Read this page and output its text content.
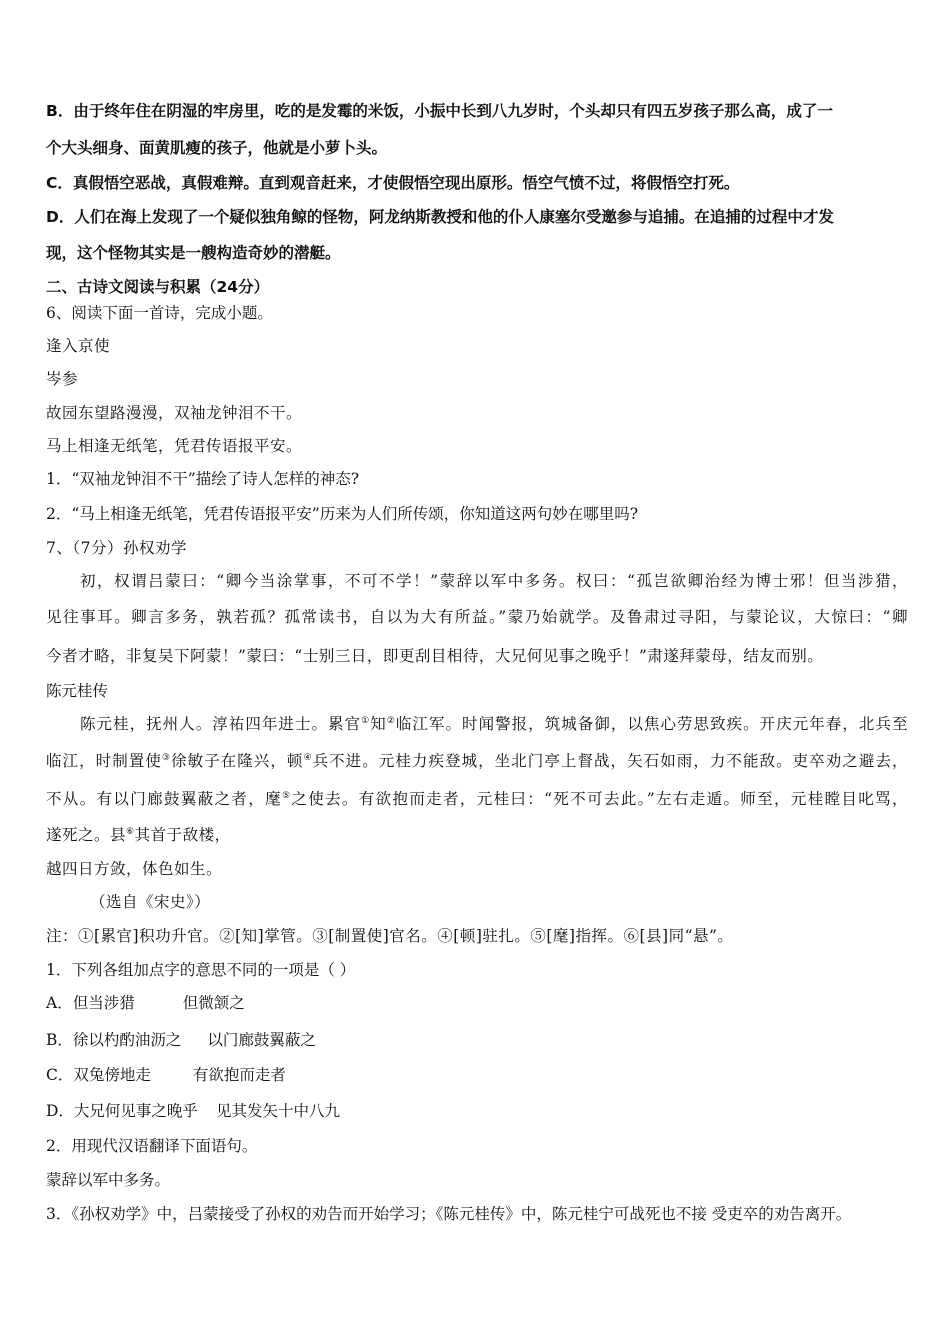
B．由于终年住在阴湿的牢房里，吃的是发霉的米饭，小振中长到八九岁时，个头却只有四五岁孩子那么高，成了一
个大头细身、面黄肌瘦的孩子，他就是小萝卜头。
C．真假悟空恶战，真假难辩。直到观音赶来，才使假悟空现出原形。悟空气愤不过，将假悟空打死。
D．人们在海上发现了一个疑似独角鲸的怪物，阿龙纳斯教授和他的仆人康塞尔受邀参与追捕。在追捕的过程中才发
现，这个怪物其实是一艘构造奇妙的潜艇。
二、古诗文阅读与积累（24分）
6、阅读下面一首诗，完成小题。
逢入京使
岑参
故园东望路漫漫，双袖龙钟泪不干。
马上相逢无纸笔，凭君传语报平安。
1．“双袖龙钟泪不干”描绘了诗人怎样的神态?
2．“马上相逢无纸笔，凭君传语报平安”历来为人们所传颂，你知道这两句妙在哪里吗?
7、（7分）孙权劝学
初，权谓吕蒙曰：“卿今当涂掌事，不可不学！”蒙辞以军中多务。权曰：“孤岂欲卿治经为博士邪！但当涉猎，
见往事耳。卿言多务，孰若孤？孤常读书，自以为大有所益。”蒙乃始就学。及鲁肃过寻阳，与蒙论议，大惊曰：“卿
今者才略，非复吴下阿蒙！”蒙曰：“士别三日，即更刮目相待，大兄何见事之晚乎！”肃遂拜蒙母，结友而别。
陈元桂传
陈元桂，抚州人。淳祐四年进士。累官①知②临江军。时闻警报，筑城备御，以焦心劳思致疾。开庆元年春，北兵至
临江，时制置使③徐敏子在隆兴，顿④兵不进。元桂力疾登城，坐北门亭上督战，矢石如雨，力不能敌。吏卒劝之避去，
不从。有以门廊鼓翼蔽之者，麾⑤之使去。有欲抱而走者，元桂曰：“死不可去此。”左右走遁。师至，元桂瞠目叱骂，
遂死之。县⑥其首于敌楼，
越四日方敛，体色如生。
（选自《宋史》）
注：①[累官]积功升官。②[知]掌管。③[制置使]官名。④[顿]驻扎。⑤[麾]指挥。⑥[县]同“悬”。
1．下列各组加点字的意思不同的一项是（ ）
A．但当涉猎	但微颔之
B．徐以杓酌油沥之 以门廊鼓翼蔽之
C．双兔傍地走	有欲抱而走者
D．大兄何见事之晚乎 见其发矢十中八九
2．用现代汉语翻译下面语句。
蒙辞以军中多务。
3．《孙权劝学》中，吕蒙接受了孙权的劝告而开始学习；《陈元桂传》中，陈元桂宁可战死也不接 受吏卒的劝告离开。
